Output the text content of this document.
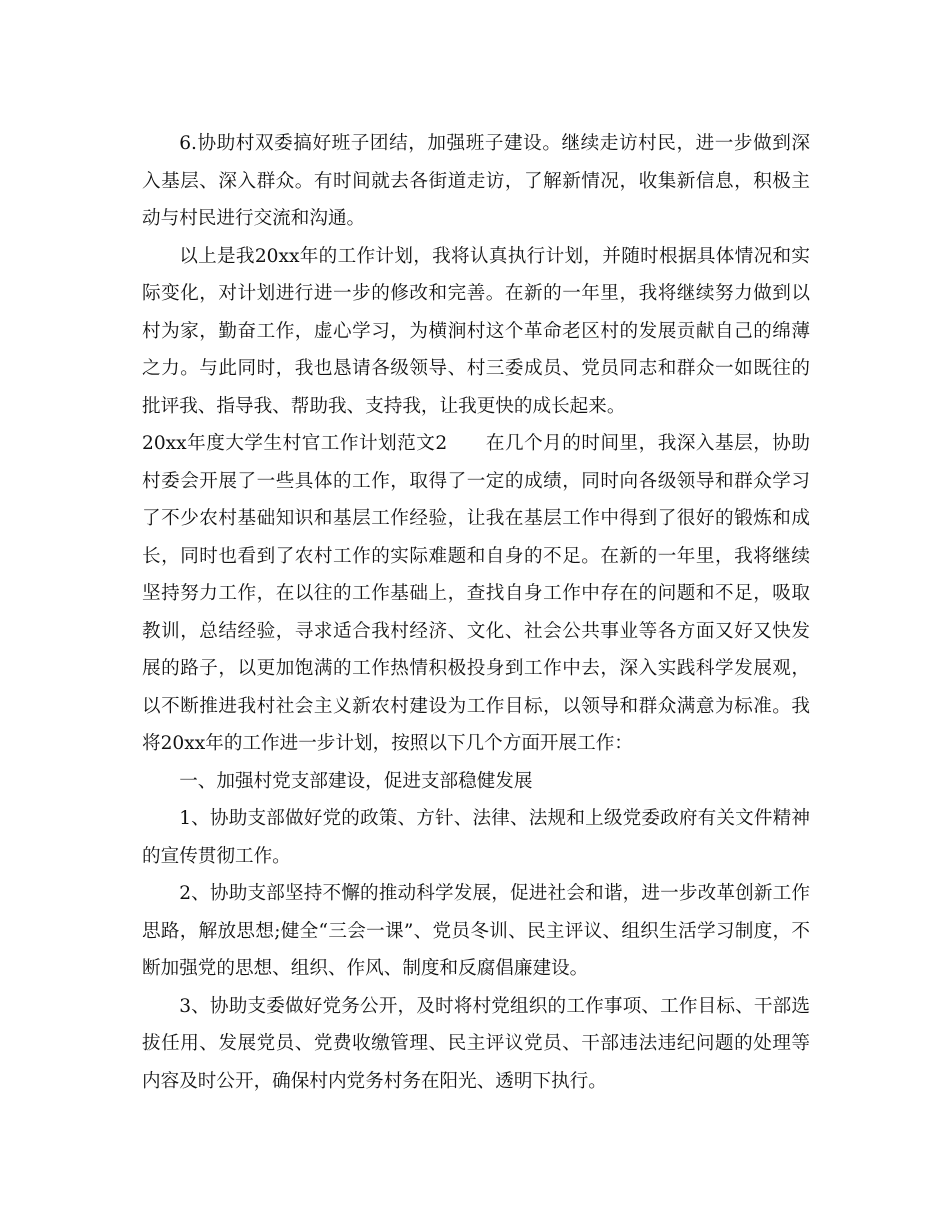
6.协助村双委搞好班子团结，加强班子建设。继续走访村民，进一步做到深入基层、深入群众。有时间就去各街道走访，了解新情况，收集新信息，积极主动与村民进行交流和沟通。

以上是我20xx年的工作计划，我将认真执行计划，并随时根据具体情况和实际变化，对计划进行进一步的修改和完善。在新的一年里，我将继续努力做到以村为家，勤奋工作，虚心学习，为横涧村这个革命老区村的发展贡献自己的绵薄之力。与此同时，我也恳请各级领导、村三委成员、党员同志和群众一如既往的批评我、指导我、帮助我、支持我，让我更快的成长起来。

20xx年度大学生村官工作计划范文2　　在几个月的时间里，我深入基层，协助村委会开展了一些具体的工作，取得了一定的成绩，同时向各级领导和群众学习了不少农村基础知识和基层工作经验，让我在基层工作中得到了很好的锻炼和成长，同时也看到了农村工作的实际难题和自身的不足。在新的一年里，我将继续坚持努力工作，在以往的工作基础上，查找自身工作中存在的问题和不足，吸取教训，总结经验，寻求适合我村经济、文化、社会公共事业等各方面又好又快发展的路子，以更加饱满的工作热情积极投身到工作中去，深入实践科学发展观，以不断推进我村社会主义新农村建设为工作目标，以领导和群众满意为标准。我将20xx年的工作进一步计划，按照以下几个方面开展工作：

一、加强村党支部建设，促进支部稳健发展

1、协助支部做好党的政策、方针、法律、法规和上级党委政府有关文件精神的宣传贯彻工作。

2、协助支部坚持不懈的推动科学发展，促进社会和谐，进一步改革创新工作思路，解放思想;健全“三会一课”、党员冬训、民主评议、组织生活学习制度，不断加强党的思想、组织、作风、制度和反腐倡廉建设。

3、协助支委做好党务公开，及时将村党组织的工作事项、工作目标、干部选拔任用、发展党员、党费收缴管理、民主评议党员、干部违法违纪问题的处理等内容及时公开，确保村内党务村务在阳光、透明下执行。
